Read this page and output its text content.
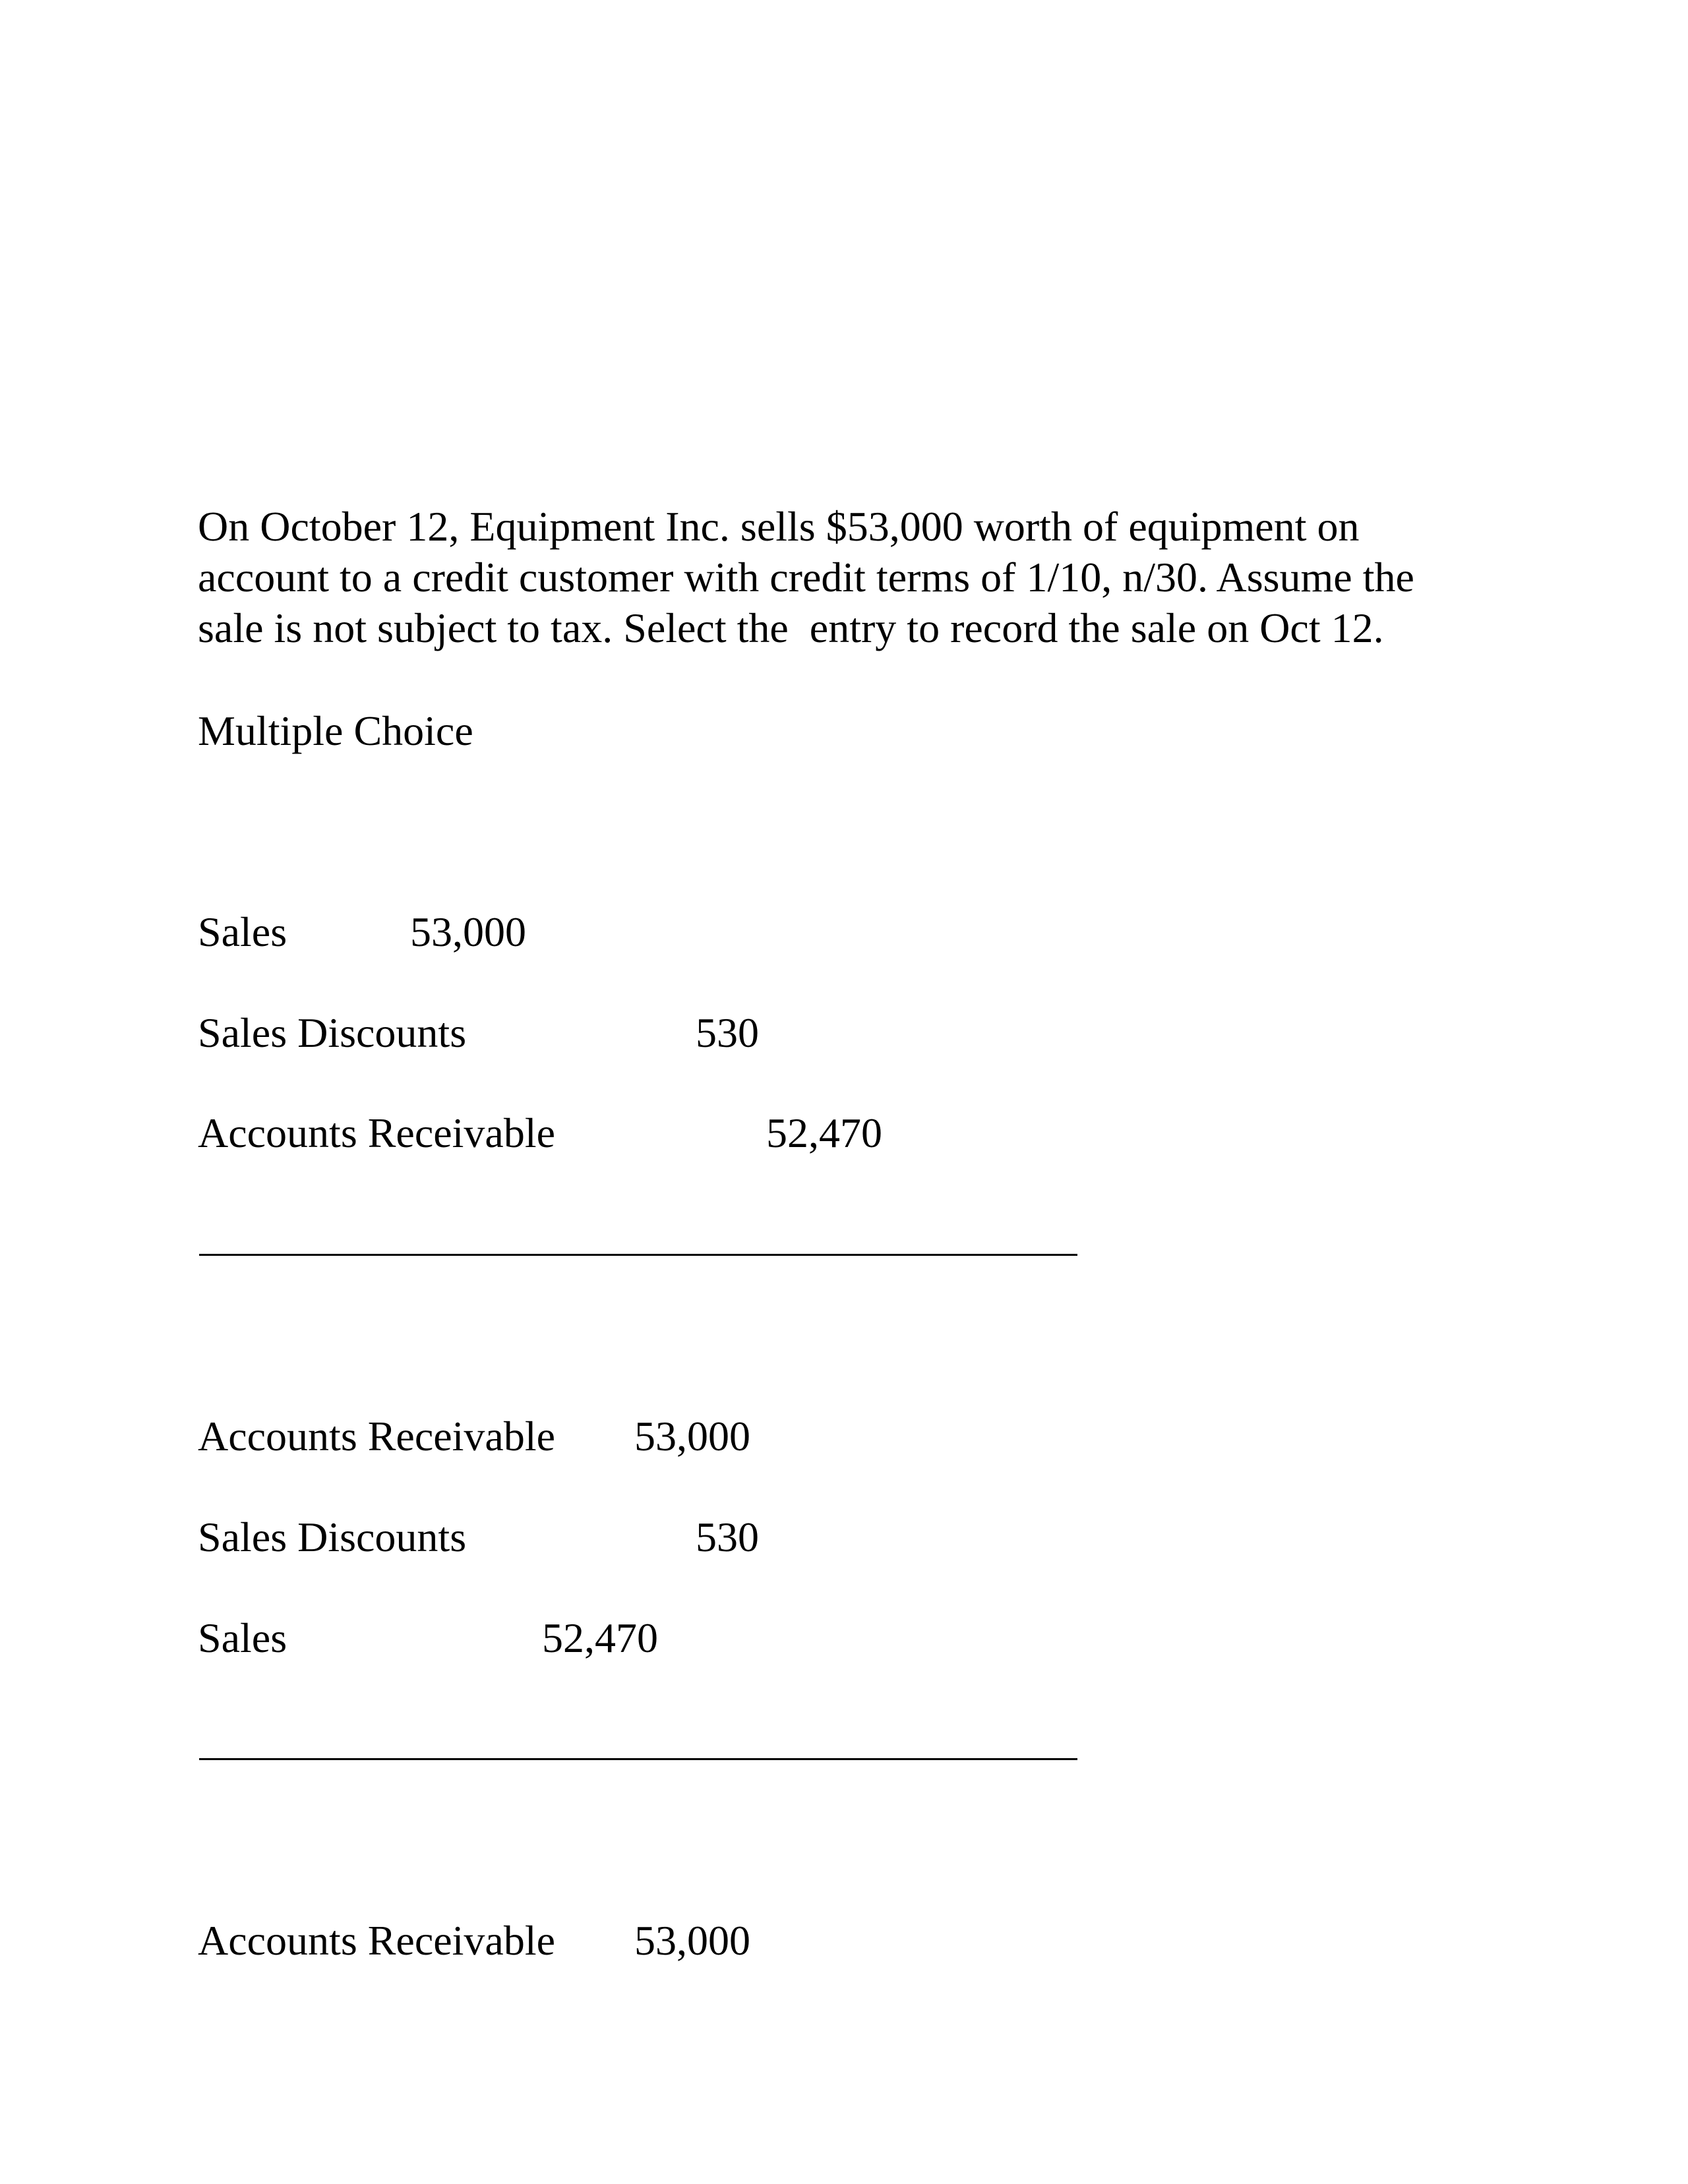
On October 12, Equipment Inc. sells $53,000 worth of equipment on
account to a credit customer with credit terms of 1/10, n/30. Assume the
sale is not subject to tax. Select the  entry to record the sale on Oct 12.
Multiple Choice
Sales	53,000
Sales Discounts	530
Accounts Receivable	52,470
Accounts Receivable 53,000
Sales Discounts	530
Sales	52,470
Accounts Receivable 53,000
